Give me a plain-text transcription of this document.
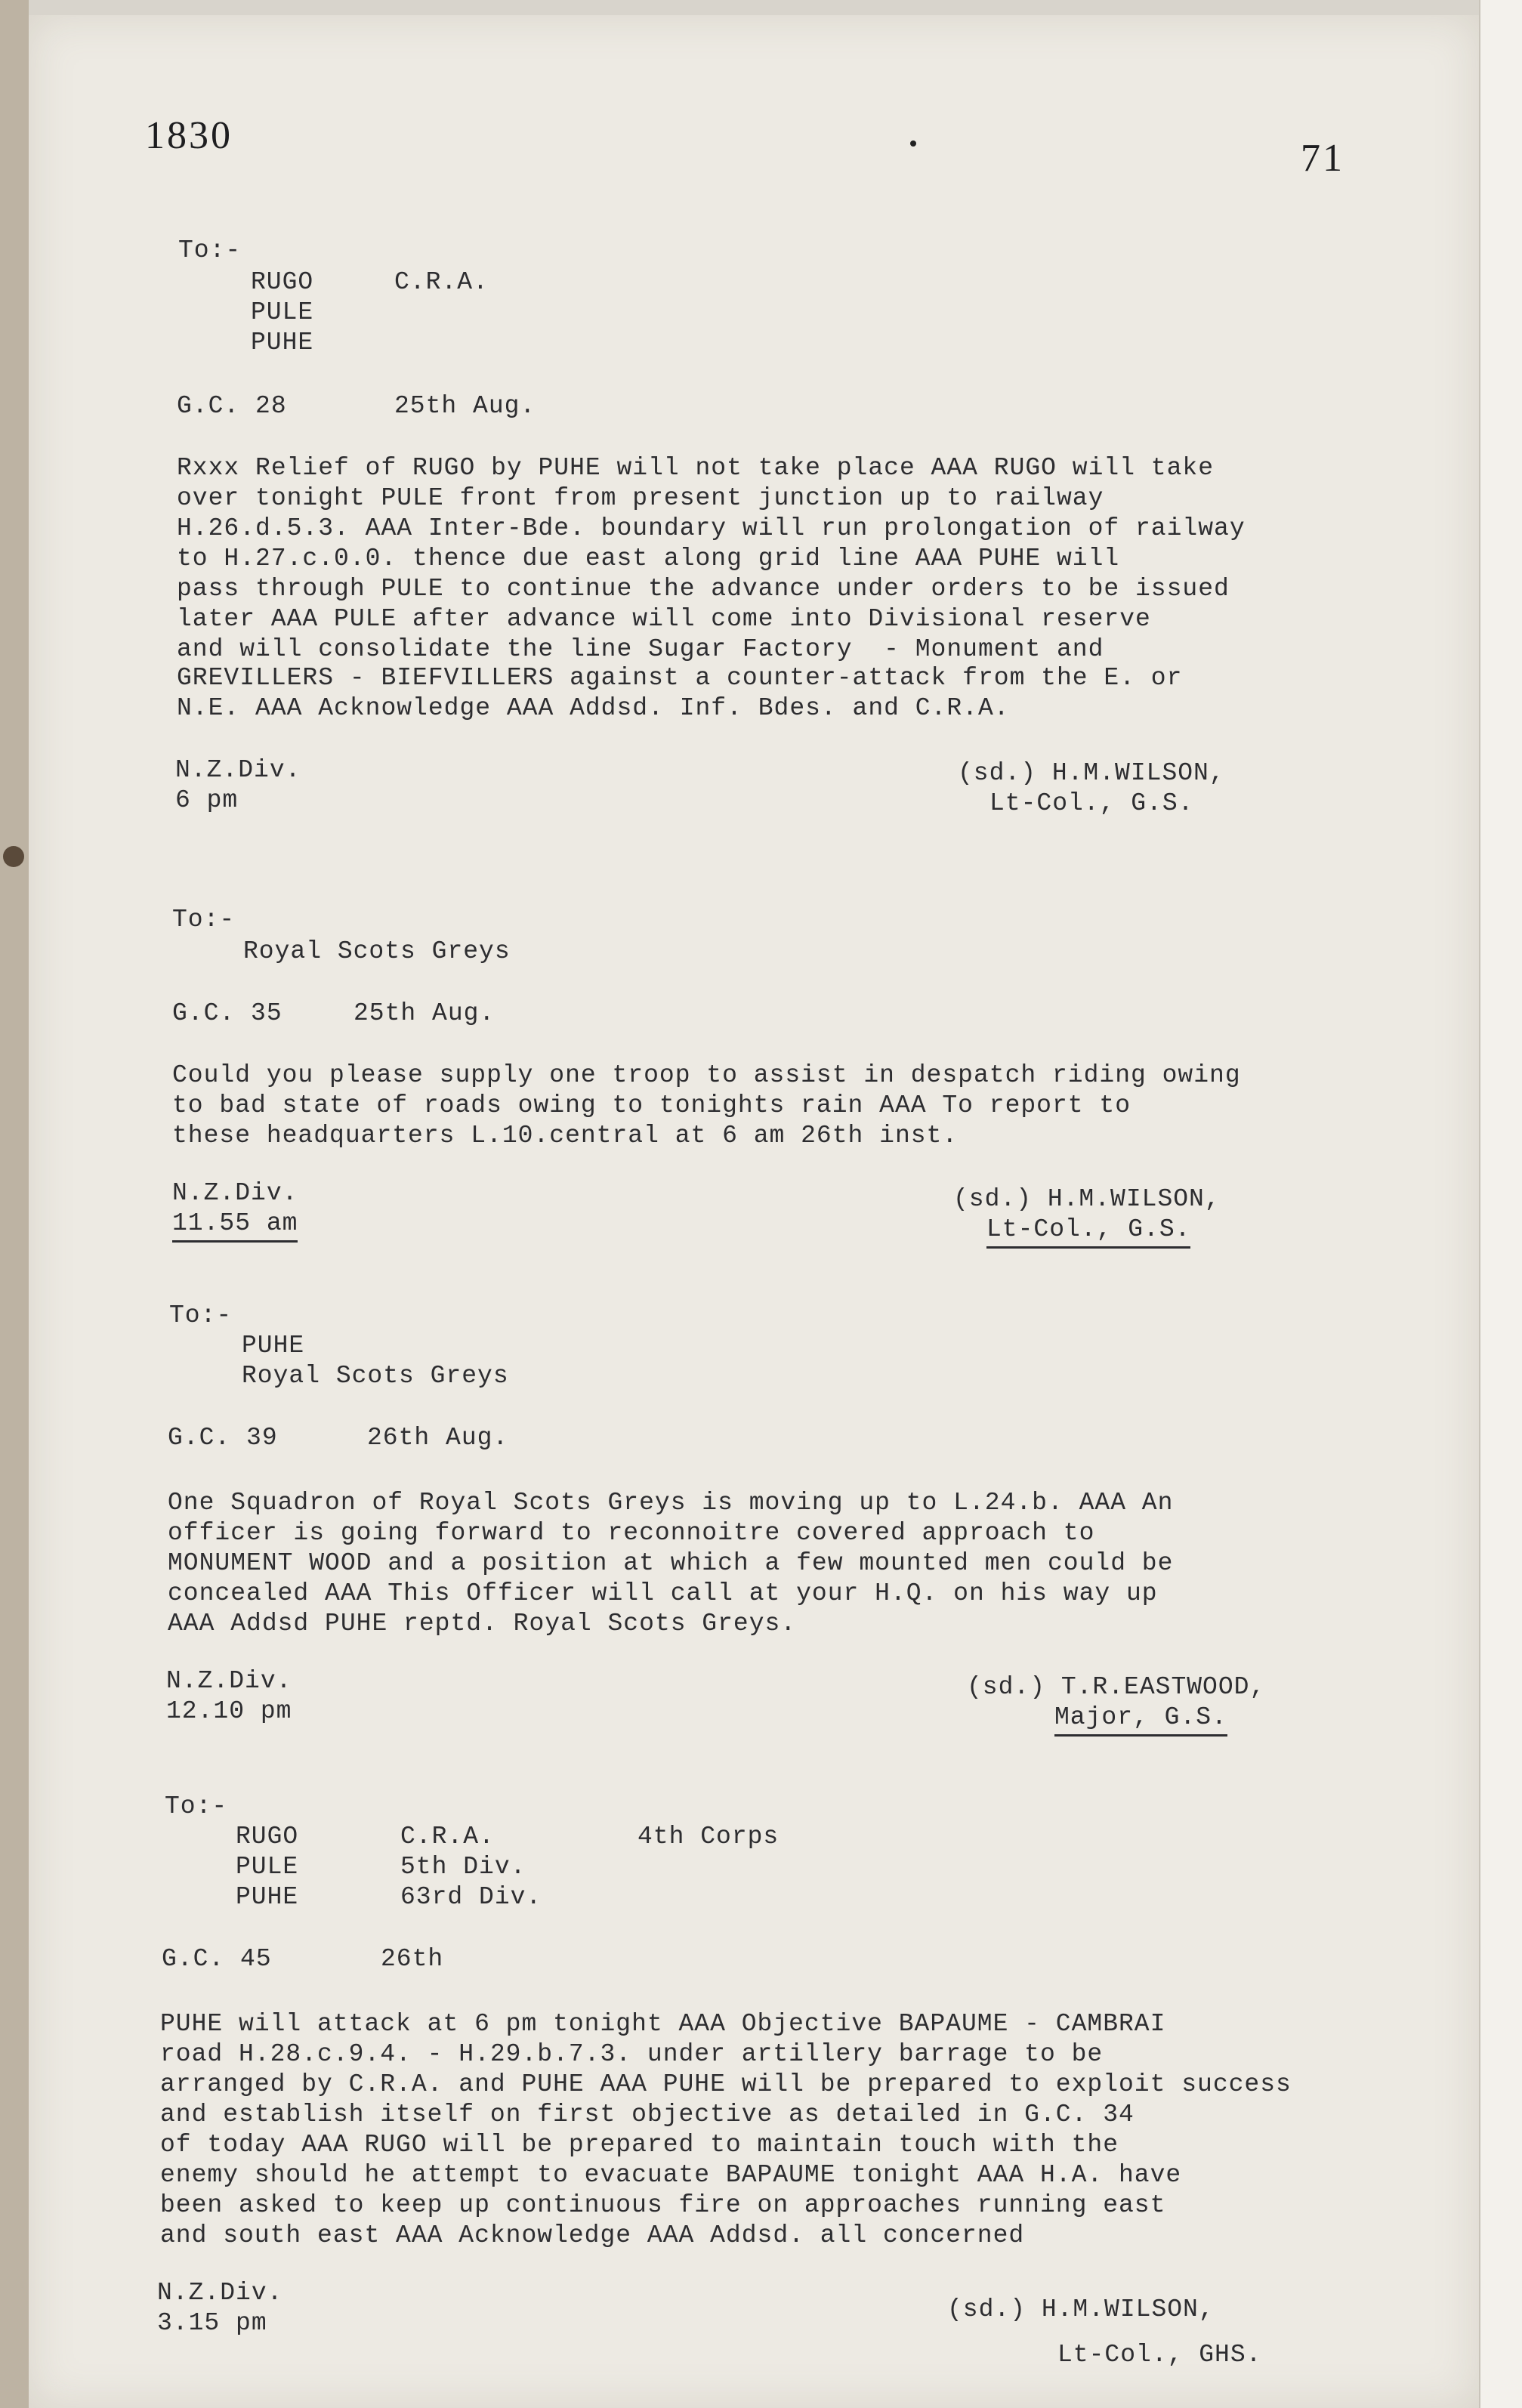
1830
71
To:-
RUGO	C.R.A.
PULE
PUHE
G.C. 28	25th Aug.
Rxxx Relief of RUGO by PUHE will not take place AAA RUGO will take
over tonight PULE front from present junction up to railway
H.26.d.5.3. AAA Inter-Bde. boundary will run prolongation of railway
to H.27.c.0.0. thence due east along grid line AAA PUHE will
pass through PULE to continue the advance under orders to be issued
later AAA PULE after advance will come into Divisional reserve
and will consolidate the line Sugar Factory  - Monument and
GREVILLERS - BIEFVILLERS against a counter-attack from the E. or
N.E. AAA Acknowledge AAA Addsd. Inf. Bdes. and C.R.A.
N.Z.Div.
6 pm
(sd.) H.M.WILSON,
Lt-Col., G.S.
To:-
Royal Scots Greys
G.C. 35	25th Aug.
Could you please supply one troop to assist in despatch riding owing
to bad state of roads owing to tonights rain AAA To report to
these headquarters L.10.central at 6 am 26th inst.
N.Z.Div.
11.55 am
(sd.) H.M.WILSON,
Lt-Col., G.S.
To:-
PUHE
Royal Scots Greys
G.C. 39	26th Aug.
One Squadron of Royal Scots Greys is moving up to L.24.b. AAA An
officer is going forward to reconnoitre covered approach to
MONUMENT WOOD and a position at which a few mounted men could be
concealed AAA This Officer will call at your H.Q. on his way up
AAA Addsd PUHE reptd. Royal Scots Greys.
N.Z.Div.
12.10 pm
(sd.) T.R.EASTWOOD,
Major, G.S.
To:-
RUGO	C.R.A.	4th Corps
PULE	5th Div.
PUHE	63rd Div.
G.C. 45	26th
PUHE will attack at 6 pm tonight AAA Objective BAPAUME - CAMBRAI
road H.28.c.9.4. - H.29.b.7.3. under artillery barrage to be
arranged by C.R.A. and PUHE AAA PUHE will be prepared to exploit success
and establish itself on first objective as detailed in G.C. 34
of today AAA RUGO will be prepared to maintain touch with the
enemy should he attempt to evacuate BAPAUME tonight AAA H.A. have
been asked to keep up continuous fire on approaches running east
and south east AAA Acknowledge AAA Addsd. all concerned
N.Z.Div.
3.15 pm	(sd.) H.M.WILSON,
Lt-Col., GHS.
